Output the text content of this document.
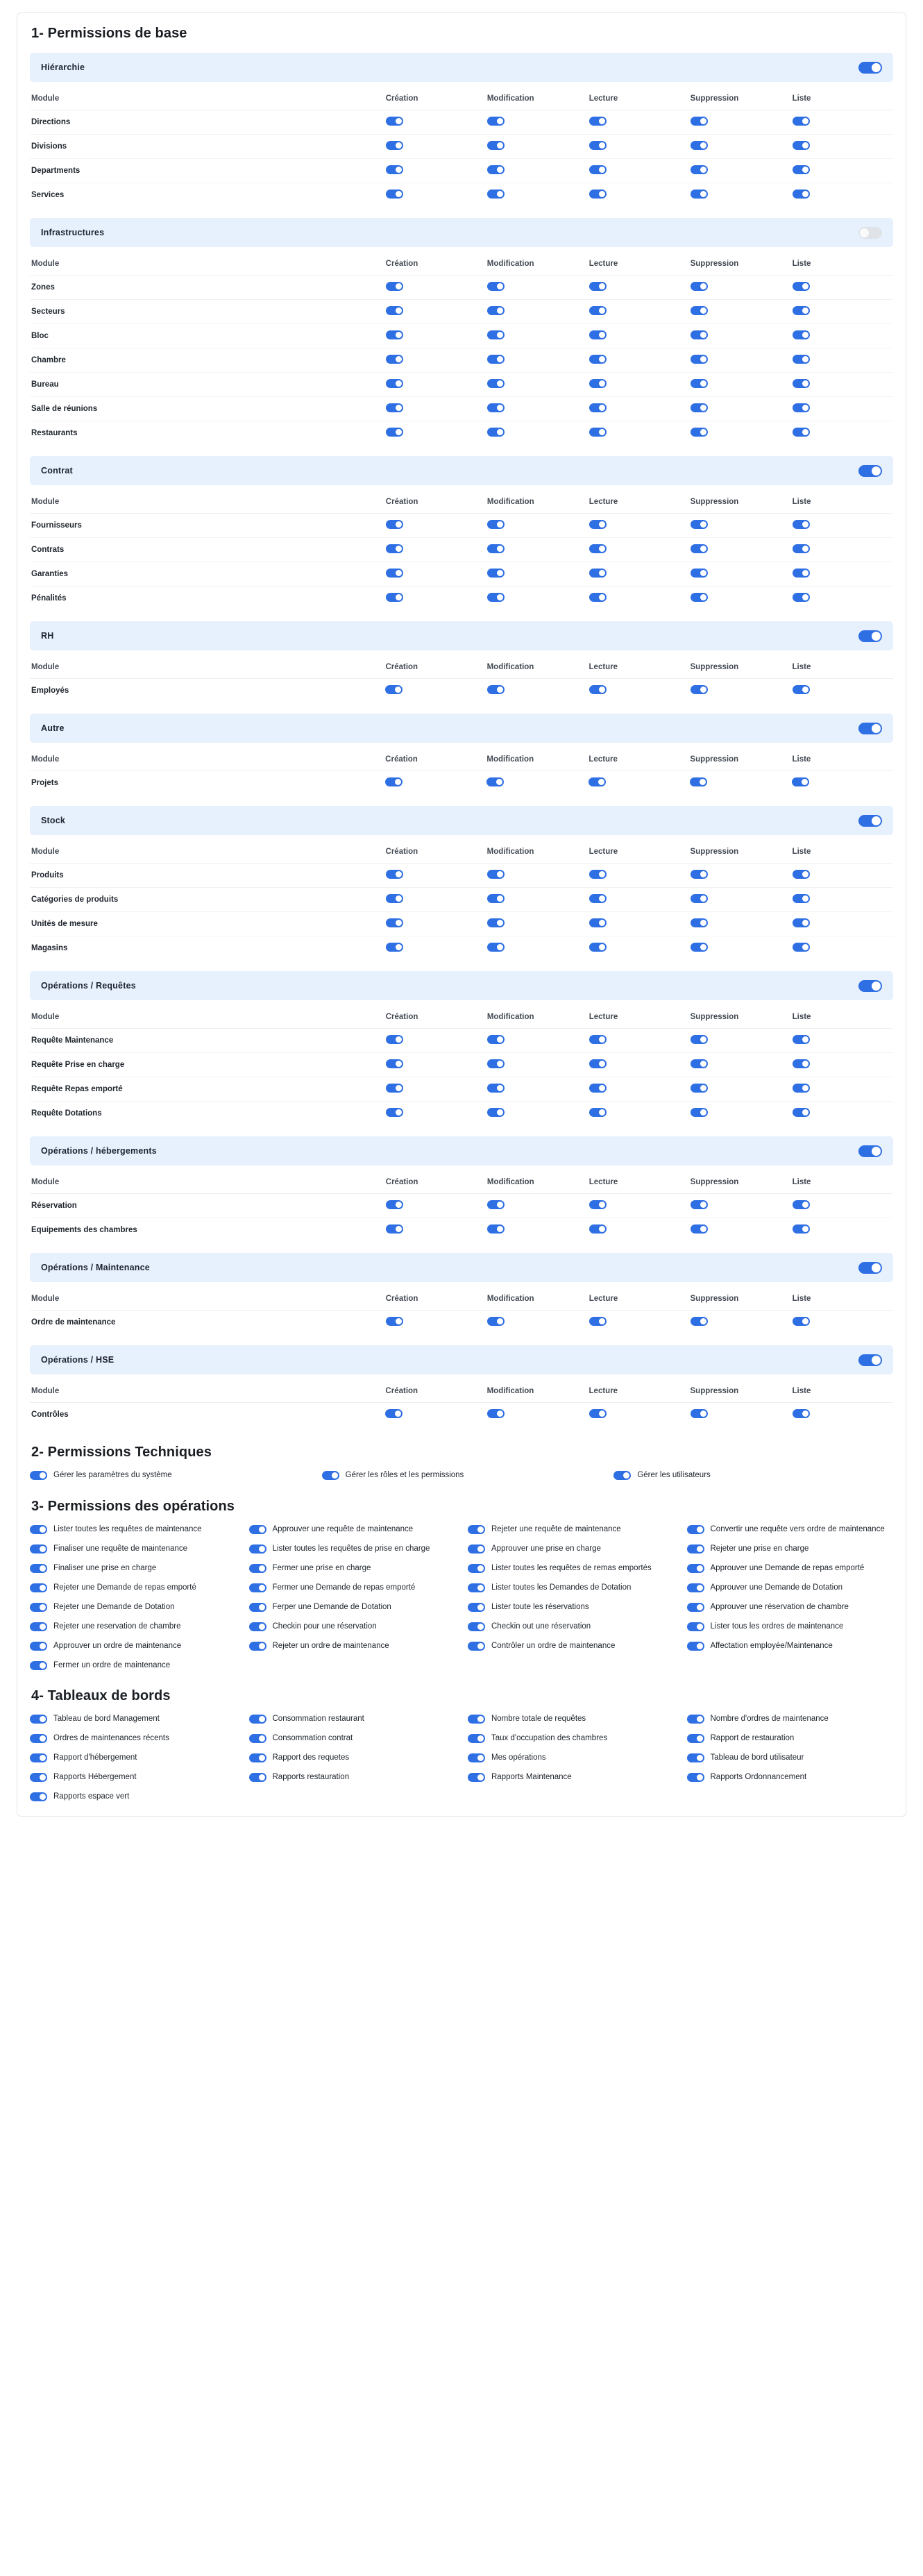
1- Permissions de base
Hiérarchie
Module	Création	Modification	Lecture	Suppression	Liste
Directions					
Divisions					
Departments					
Services					
Infrastructures
Module	Création	Modification	Lecture	Suppression	Liste
Zones					
Secteurs					
Bloc					
Chambre					
Bureau					
Salle de réunions					
Restaurants					
Contrat
Module	Création	Modification	Lecture	Suppression	Liste
Fournisseurs					
Contrats					
Garanties					
Pénalités					
RH
Module	Création	Modification	Lecture	Suppression	Liste
Employés					
Autre
Module	Création	Modification	Lecture	Suppression	Liste
Projets					
Stock
Module	Création	Modification	Lecture	Suppression	Liste
Produits					
Catégories de produits					
Unités de mesure					
Magasins					
Opérations / Requêtes
Module	Création	Modification	Lecture	Suppression	Liste
Requête Maintenance					
Requête Prise en charge					
Requête Repas emporté					
Requête Dotations					
Opérations / hébergements
Module	Création	Modification	Lecture	Suppression	Liste
Réservation					
Equipements des chambres					
Opérations / Maintenance
Module	Création	Modification	Lecture	Suppression	Liste
Ordre de maintenance					
Opérations / HSE
Module	Création	Modification	Lecture	Suppression	Liste
Contrôles					
2- Permissions Techniques
Gérer les paramètres du système	Gérer les rôles et les permissions	Gérer les utilisateurs
3- Permissions des opérations
Lister toutes les requêtes de maintenance	Approuver une requête de maintenance	Rejeter une requête de maintenance	Convertir une requête vers ordre de maintenance
Finaliser une requête de maintenance	Lister toutes les requêtes de prise en charge	Approuver une prise en charge	Rejeter une prise en charge
Finaliser une prise en charge	Fermer une prise en charge	Lister toutes les requêtes de remas emportés	Approuver une Demande de repas emporté
Rejeter une Demande de repas emporté	Fermer une Demande de repas emporté	Lister toutes les Demandes de Dotation	Approuver une Demande de Dotation
Rejeter une Demande de Dotation	Ferper une Demande de Dotation	Lister toute les réservations	Approuver une réservation de chambre
Rejeter une reservation de chambre	Checkin pour une réservation	Checkin out une réservation	Lister tous les ordres de maintenance
Approuver un ordre de maintenance	Rejeter un ordre de maintenance	Contrôler un ordre de maintenance	Affectation employée/Maintenance
Fermer un ordre de maintenance
4- Tableaux de bords
Tableau de bord Management	Consommation restaurant	Nombre totale de requêtes	Nombre d'ordres de maintenance
Ordres de maintenances récents	Consommation contrat	Taux d'occupation des chambres	Rapport de restauration
Rapport d'hébergement	Rapport des requetes	Mes opérations	Tableau de bord utilisateur
Rapports Hébergement	Rapports restauration	Rapports Maintenance	Rapports Ordonnancement
Rapports espace vert
